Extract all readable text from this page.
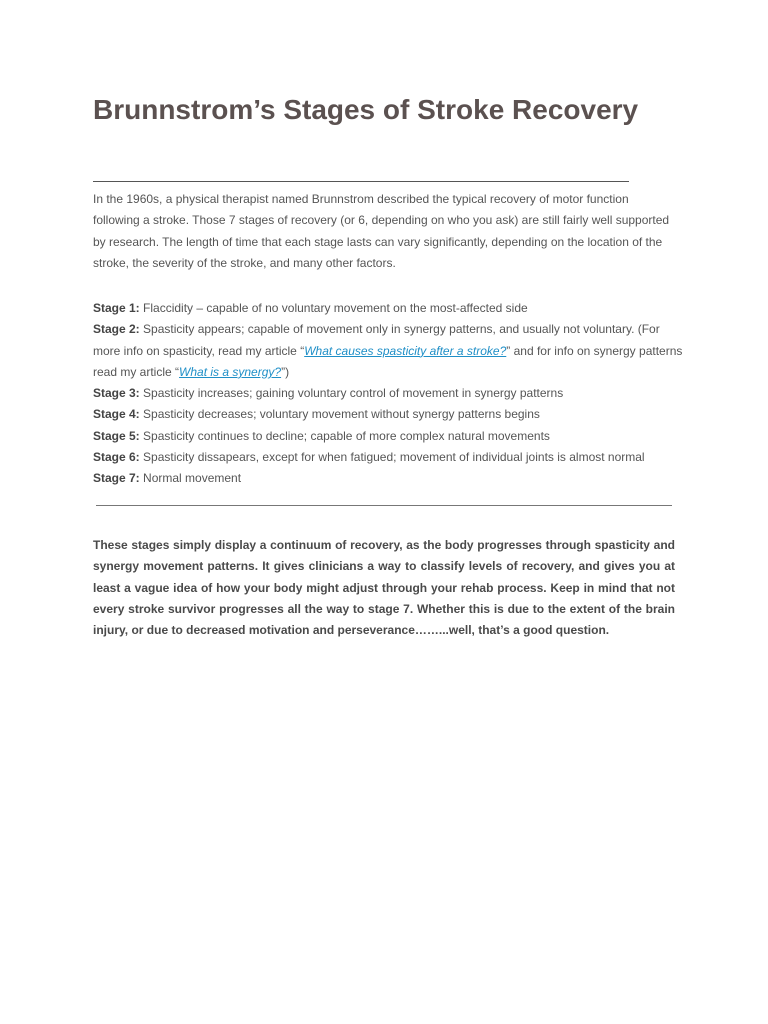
Brunnstrom’s Stages of Stroke Recovery

In the 1960s, a physical therapist named Brunnstrom described the typical recovery of motor function following a stroke. Those 7 stages of recovery (or 6, depending on who you ask) are still fairly well supported by research. The length of time that each stage lasts can vary significantly, depending on the location of the stroke, the severity of the stroke, and many other factors.

Stage 1: Flaccidity – capable of no voluntary movement on the most-affected side

Stage 2: Spasticity appears; capable of movement only in synergy patterns, and usually not voluntary. (For more info on spasticity, read my article “What causes spasticity after a stroke?” and for info on synergy patterns read my article “What is a synergy?”)

Stage 3: Spasticity increases; gaining voluntary control of movement in synergy patterns

Stage 4: Spasticity decreases; voluntary movement without synergy patterns begins

Stage 5: Spasticity continues to decline; capable of more complex natural movements

Stage 6: Spasticity dissapears, except for when fatigued; movement of individual joints is almost normal

Stage 7: Normal movement

These stages simply display a continuum of recovery, as the body progresses through spasticity and synergy movement patterns. It gives clinicians a way to classify levels of recovery, and gives you at least a vague idea of how your body might adjust through your rehab process. Keep in mind that not every stroke survivor progresses all the way to stage 7. Whether this is due to the extent of the brain injury, or due to decreased motivation and perseverance……...well, that’s a good question.
